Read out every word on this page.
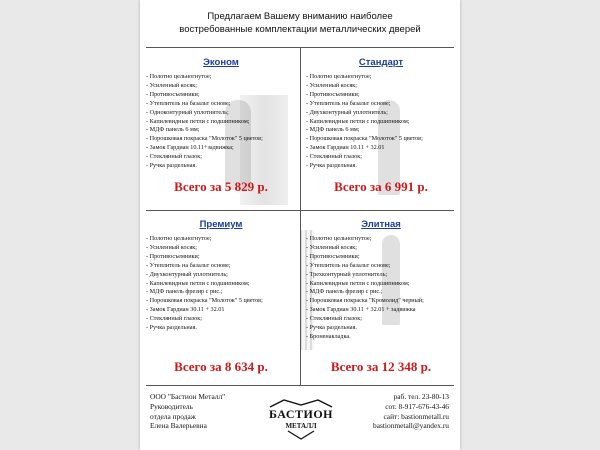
Предлагаем Вашему вниманию наиболее
востребованные комплектации металлических дверей
Эконом
- Полотно цельногнутое;
- Усиленный косяк;
- Противосъемники;
- Утеплитель на базальт основе;
- Одноконтурный уплотнитель;
- Капилевидные петли с подшипником;
- МДФ панель 6 мм;
- Порошковая покраска "Молоток" 5 цветов;
- Замок Гардиан 10.11+задвижка;
- Стеклянный глазок;
- Ручка раздельная.
Всего за 5 829 р.
Стандарт
- Полотно цельногнутое;
- Усиленный косяк;
- Противосъемники;
- Утеплитель на базальт основе;
- Двухконтурный уплотнитель;
- Капилевидные петли с подшипником;
- МДФ панель 6 мм;
- Порошковая покраска "Молоток" 5 цветов;
- Замок Гардиан 10.11 + 32.01
- Стеклянный глазок;
- Ручка раздельная.
Всего за 6 991 р.
Премиум
- Полотно цельногнутое;
- Усиленный косяк;
- Противосъемники;
- Утеплитель на базальт основе;
- Двухконтурный уплотнитель;
- Капилевидные петли с подшипником;
- МДФ панель фрезир с рис.;
- Порошковая покраска "Молоток" 5 цветов;
- Замок Гардиан 30.11 + 32.01
- Стеклянный глазок;
- Ручка раздельная.
Всего за 8 634 р.
Элитная
- Полотно цельногнутое;
- Усиленный косяк;
- Противосъемники;
- Утеплитель на базальт основе;
- Трехконтурный уплотнитель;
- Капилевидные петли с подшипником;
- МДФ панель фрезир с рис.;
- Порошковая покраска "Кромолид" черный;
- Замок Гардиан 30.11 + 32.01 + задвижка
- Стеклянный глазок;
- Ручка раздельная.
- Броненакладка.
Всего за 12 348 р.
ООО "Бастион Металл"
Руководитель
отдела продаж
Елена Валерьевна
БАСТИОН
МЕТАЛЛ
раб. тел. 23-80-13
сот. 8-917-676-43-46
сайт: bastionmetall.ru
bastionmetall@yandex.ru
